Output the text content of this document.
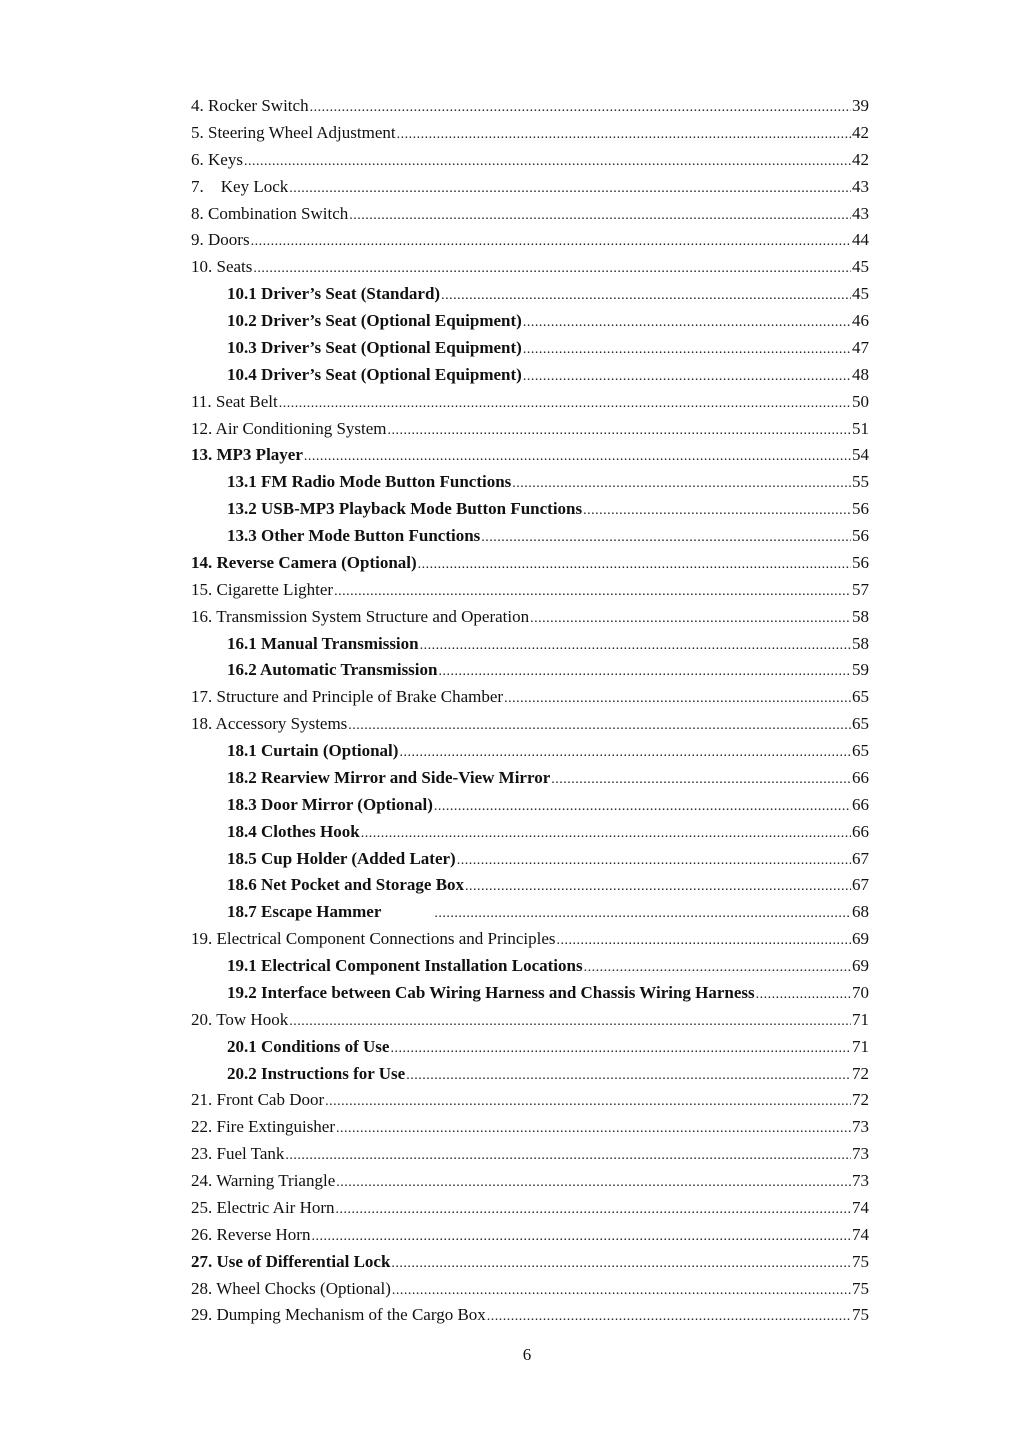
4. Rocker Switch .....	39
5. Steering Wheel Adjustment .....	42
6. Keys .....	42
7.    Key Lock .....	43
8. Combination Switch .....	43
9. Doors .....	44
10. Seats .....	45
10.1 Driver’s Seat (Standard) .....	45
10.2 Driver’s Seat (Optional Equipment) .....	46
10.3 Driver’s Seat (Optional Equipment) .....	47
10.4 Driver’s Seat (Optional Equipment) .....	48
11. Seat Belt .....	50
12. Air Conditioning System .....	51
13. MP3 Player .....	54
13.1 FM Radio Mode Button Functions .....	55
13.2 USB-MP3 Playback Mode Button Functions .....	56
13.3 Other Mode Button Functions .....	56
14. Reverse Camera (Optional) .....	56
15. Cigarette Lighter .....	57
16. Transmission System Structure and Operation .....	58
16.1 Manual Transmission .....	58
16.2 Automatic Transmission .....	59
17. Structure and Principle of Brake Chamber .....	65
18. Accessory Systems .....	65
18.1 Curtain (Optional) .....	65
18.2 Rearview Mirror and Side-View Mirror .....	66
18.3 Door Mirror (Optional) .....	66
18.4 Clothes Hook .....	66
18.5 Cup Holder (Added Later) .....	67
18.6 Net Pocket and Storage Box .....	67
18.7 Escape Hammer .....	68
19. Electrical Component Connections and Principles .....	69
19.1 Electrical Component Installation Locations .....	69
19.2 Interface between Cab Wiring Harness and Chassis Wiring Harness .....	70
20. Tow Hook .....	71
20.1 Conditions of Use .....	71
20.2 Instructions for Use .....	72
21. Front Cab Door .....	72
22. Fire Extinguisher .....	73
23. Fuel Tank .....	73
24. Warning Triangle .....	73
25. Electric Air Horn .....	74
26. Reverse Horn .....	74
27. Use of Differential Lock .....	75
28. Wheel Chocks (Optional) .....	75
29. Dumping Mechanism of the Cargo Box .....	75
6
